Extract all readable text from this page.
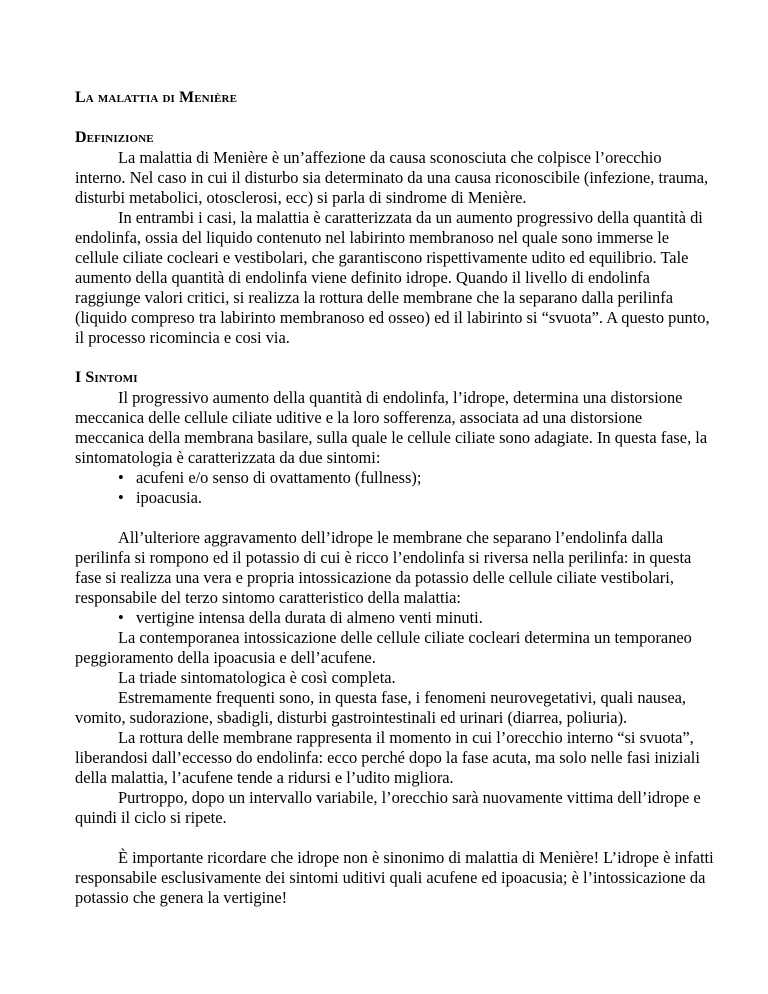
La malattia di Menière
Definizione

La malattia di Menière è un’affezione da causa sconosciuta che colpisce l’orecchio interno. Nel caso in cui il disturbo sia determinato da una causa riconoscibile (infezione, trauma, disturbi metabolici, otosclerosi, ecc) si parla di sindrome di Menière.

In entrambi i casi, la malattia è caratterizzata da un aumento progressivo della quantità di endolinfa, ossia del liquido contenuto nel labirinto membranoso nel quale sono immerse le cellule ciliate cocleari e vestibolari, che garantiscono rispettivamente udito ed equilibrio. Tale aumento della quantità di endolinfa viene definito idrope. Quando il livello di endolinfa raggiunge valori critici, si realizza la rottura delle membrane che la separano dalla perilinfa (liquido compreso tra labirinto membranoso ed osseo) ed il labirinto si “svuota”. A questo punto, il processo ricomincia e cosi via.

I Sintomi

Il progressivo aumento della quantità di endolinfa, l’idrope, determina una distorsione meccanica delle cellule ciliate uditive e la loro sofferenza, associata ad una distorsione meccanica della membrana basilare, sulla quale le cellule ciliate sono adagiate. In questa fase, la sintomatologia è caratterizzata da due sintomi:

• acufeni e/o senso di ovattamento (fullness);
• ipoacusia.

All’ulteriore aggravamento dell’idrope le membrane che separano l’endolinfa dalla perilinfa si rompono ed il potassio di cui è ricco l’endolinfa si riversa nella perilinfa: in questa fase si realizza una vera e propria intossicazione da potassio delle cellule ciliate vestibolari, responsabile del terzo sintomo caratteristico della malattia:

• vertigine intensa della durata di almeno venti minuti.

La contemporanea intossicazione delle cellule ciliate cocleari determina un temporaneo peggioramento della ipoacusia e dell’acufene.

La triade sintomatologica è così completa.

Estremamente frequenti sono, in questa fase, i fenomeni neurovegetativi, quali nausea, vomito, sudorazione, sbadigli, disturbi gastrointestinali ed urinari (diarrea, poliuria).

La rottura delle membrane rappresenta il momento in cui l’orecchio interno “si svuota”, liberandosi dall’eccesso do endolinfa: ecco perché dopo la fase acuta, ma solo nelle fasi iniziali della malattia, l’acufene tende a ridursi e l’udito migliora.

Purtroppo, dopo un intervallo variabile, l’orecchio sarà nuovamente vittima dell’idrope e quindi il ciclo si ripete.

È importante ricordare che idrope non è sinonimo di malattia di Menière! L’idrope è infatti responsabile esclusivamente dei sintomi uditivi quali acufene ed ipoacusia; è l’intossicazione da potassio che genera la vertigine!
